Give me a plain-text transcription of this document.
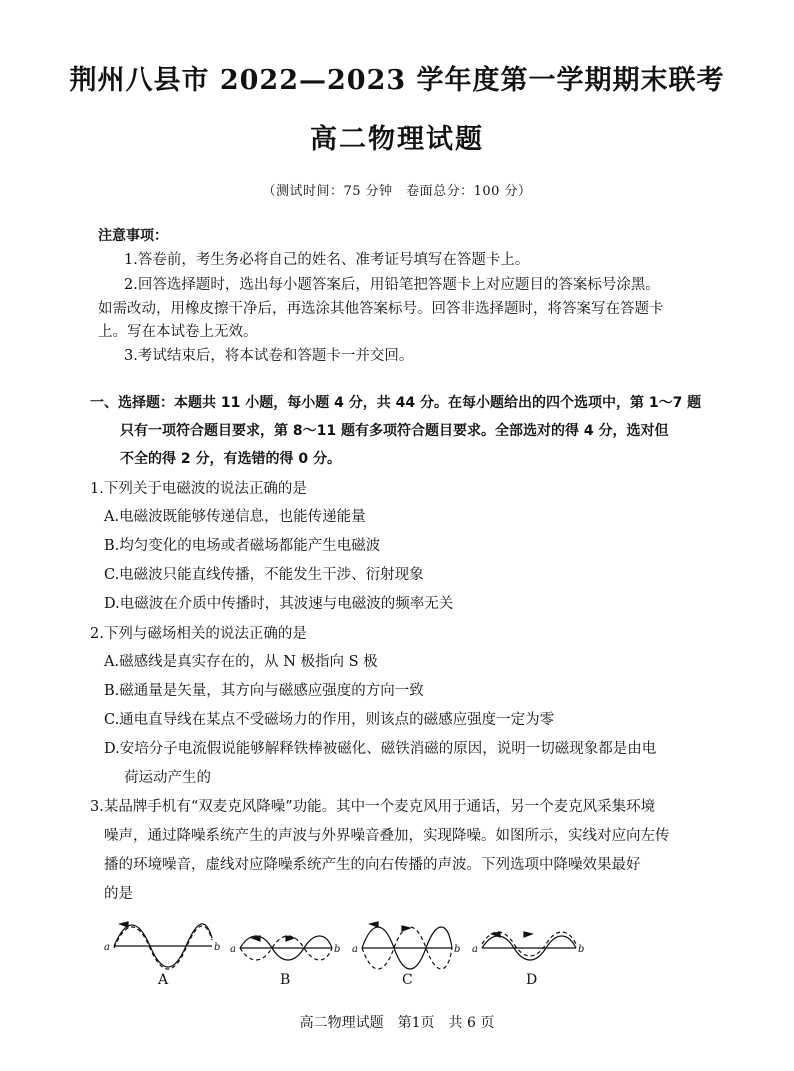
荆州八县市 2022—2023 学年度第一学期期末联考
高二物理试题
（测试时间：75 分钟　卷面总分：100 分）
注意事项：
1.答卷前，考生务必将自己的姓名、准考证号填写在答题卡上。
2.回答选择题时，选出每小题答案后，用铅笔把答题卡上对应题目的答案标号涂黑。
如需改动，用橡皮擦干净后，再选涂其他答案标号。回答非选择题时，将答案写在答题卡
上。写在本试卷上无效。
3.考试结束后，将本试卷和答题卡一并交回。
一、选择题：本题共 11 小题，每小题 4 分，共 44 分。在每小题给出的四个选项中，第 1～7 题
只有一项符合题目要求，第 8～11 题有多项符合题目要求。全部选对的得 4 分，选对但
不全的得 2 分，有选错的得 0 分。
1.下列关于电磁波的说法正确的是
A.电磁波既能够传递信息，也能传递能量
B.均匀变化的电场或者磁场都能产生电磁波
C.电磁波只能直线传播，不能发生干涉、衍射现象
D.电磁波在介质中传播时，其波速与电磁波的频率无关
2.下列与磁场相关的说法正确的是
A.磁感线是真实存在的，从 N 极指向 S 极
B.磁通量是矢量，其方向与磁感应强度的方向一致
C.通电直导线在某点不受磁场力的作用，则该点的磁感应强度一定为零
D.安培分子电流假说能够解释铁棒被磁化、磁铁消磁的原因，说明一切磁现象都是由电
荷运动产生的
3.某品牌手机有“双麦克风降噪”功能。其中一个麦克风用于通话，另一个麦克风采集环境
噪声，通过降噪系统产生的声波与外界噪音叠加，实现降噪。如图所示，实线对应向左传
播的环境噪音，虚线对应降噪系统产生的向右传播的声波。下列选项中降噪效果最好
的是
a	b a	b a	b a	b
A	B	C	D
高二物理试题　第1页　共 6 页
